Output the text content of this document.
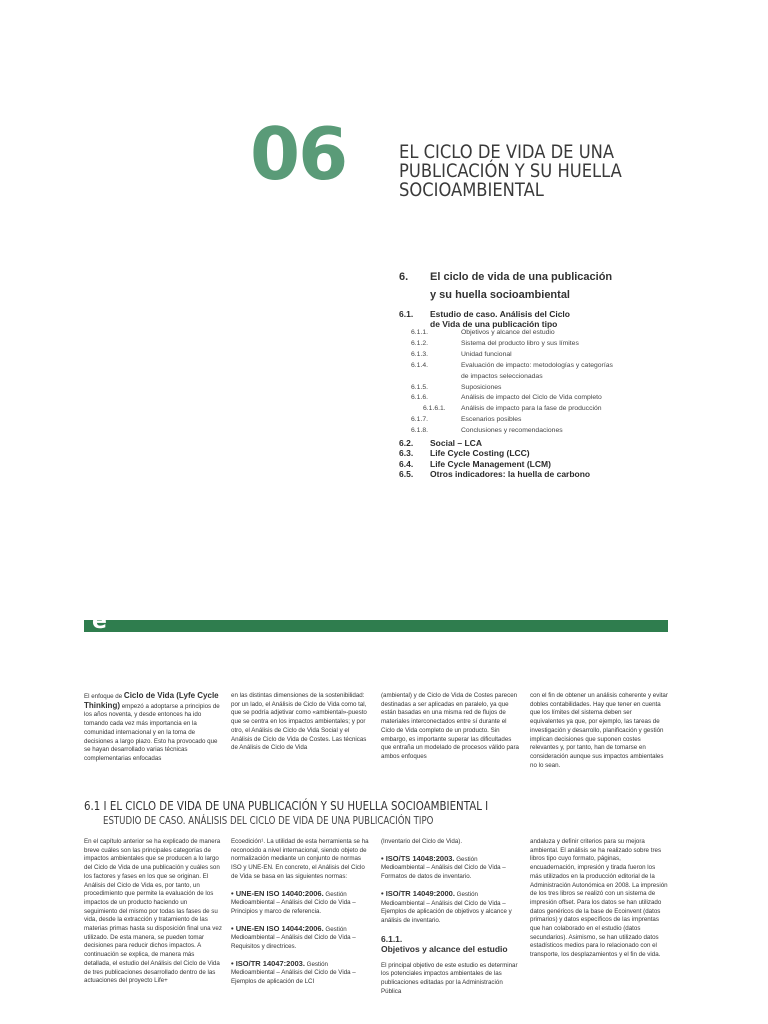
06	EL CICLO DE VIDA DE UNA
PUBLICACIÓN Y SU HUELLA
SOCIOAMBIENTAL
6. El ciclo de vida de una publicación
y su huella socioambiental
6.1. Estudio de caso. Análisis del Ciclo
de Vida de una publicación tipo
6.1.1.	Objetivos y alcance del estudio
6.1.2.	Sistema del producto libro y sus límites
6.1.3.	Unidad funcional
6.1.4.	Evaluación de impacto: metodologías y categorías
de impactos seleccionadas
6.1.5.	Suposiciones
6.1.6.	Análisis de impacto del Ciclo de Vida completo
6.1.6.1. Análisis de impacto para la fase de producción
6.1.7.	Escenarios posibles
6.1.8.	Conclusiones y recomendaciones
6.2. Social – LCA
6.3. Life Cycle Costing (LCC)
6.4. Life Cycle Management (LCM)
6.5. Otros indicadores: la huella de carbono
e
El enfoque de Ciclo de Vida (Lyfe Cycle Thinking) empezó a adoptarse a principios de los años noventa, y desde entonces ha ido tomando cada vez más importancia en la comunidad internacional y en la toma de decisiones a largo plazo. Esto ha provocado que se hayan desarrollado varias técnicas complementarias enfocadas
en las distintas dimensiones de la sostenibilidad: por un lado, el Análisis de Ciclo de Vida como tal, que se podría adjetivar como «ambiental»-puesto que se centra en los impactos ambientales; y por otro, el Análisis de Ciclo de Vida Social y el Análisis de Ciclo de Vida de Costes. Las técnicas de Análisis de Ciclo de Vida
(ambiental) y de Ciclo de Vida de Costes parecen destinadas a ser aplicadas en paralelo, ya que están basadas en una misma red de flujos de materiales interconectados entre sí durante el Ciclo de Vida completo de un producto. Sin embargo, es importante superar las dificultades que entraña un modelado de procesos válido para ambos enfoques
con el fin de obtener un análisis coherente y evitar dobles contabilidades. Hay que tener en cuenta que los límites del sistema deben ser equivalentes ya que, por ejemplo, las tareas de investigación y desarrollo, planificación y gestión implican decisiones que suponen costes relevantes y, por tanto, han de tomarse en consideración aunque sus impactos ambientales no lo sean.
6.1 I EL CICLO DE VIDA DE UNA PUBLICACIÓN Y SU HUELLA SOCIOAMBIENTAL I
ESTUDIO DE CASO. ANÁLISIS DEL CICLO DE VIDA DE UNA PUBLICACIÓN TIPO
En el capítulo anterior se ha explicado de manera breve cuáles son las principales categorías de impactos ambientales que se producen a lo largo del Ciclo de Vida de una publicación y cuáles son los factores y fases en los que se originan. El Análisis del Ciclo de Vida es, por tanto, un procedimiento que permite la evaluación de los impactos de un producto haciendo un seguimiento del mismo por todas las fases de su vida, desde la extracción y tratamiento de las materias primas hasta su disposición final una vez utilizado. De esta manera, se pueden tomar decisiones para reducir dichos impactos. A continuación se explica, de manera más detallada, el estudio del Análisis del Ciclo de Vida de tres publicaciones desarrollado dentro de las actuaciones del proyecto Life+

Ecoedición¹. La utilidad de esta herramienta se ha reconocido a nivel internacional, siendo objeto de normalización mediante un conjunto de normas ISO y UNE-EN. En concreto, el Análisis del Ciclo de Vida se basa en las siguientes normas:

• UNE-EN ISO 14040:2006. Gestión Medioambiental – Análisis del Ciclo de Vida – Principios y marco de referencia.

• UNE-EN ISO 14044:2006. Gestión Medioambiental – Análisis del Ciclo de Vida – Requisitos y directrices.

• ISO/TR 14047:2003. Gestión Medioambiental – Análisis del Ciclo de Vida – Ejemplos de aplicación de LCI

(Inventario del Ciclo de Vida).

• ISO/TS 14048:2003. Gestión Medioambiental – Análisis del Ciclo de Vida – Formatos de datos de inventario.

• ISO/TR 14049:2000. Gestión Medioambiental – Análisis del Ciclo de Vida – Ejemplos de aplicación de objetivos y alcance y análisis de inventario.

6.1.1.
Objetivos y alcance del estudio

El principal objetivo de este estudio es determinar los potenciales impactos ambientales de las publicaciones editadas por la Administración Pública

andaluza y definir criterios para su mejora ambiental. El análisis se ha realizado sobre tres libros tipo cuyo formato, páginas, encuadernación, impresión y tirada fueron los más utilizados en la producción editorial de la Administración Autonómica en 2008. La impresión de los tres libros se realizó con un sistema de impresión offset. Para los datos se han utilizado datos genéricos de la base de Ecoinvent (datos primarios) y datos específicos de las imprentas que han colaborado en el estudio (datos secundarios). Asimismo, se han utilizado datos estadísticos medios para lo relacionado con el transporte, los desplazamientos y el fin de vida.
